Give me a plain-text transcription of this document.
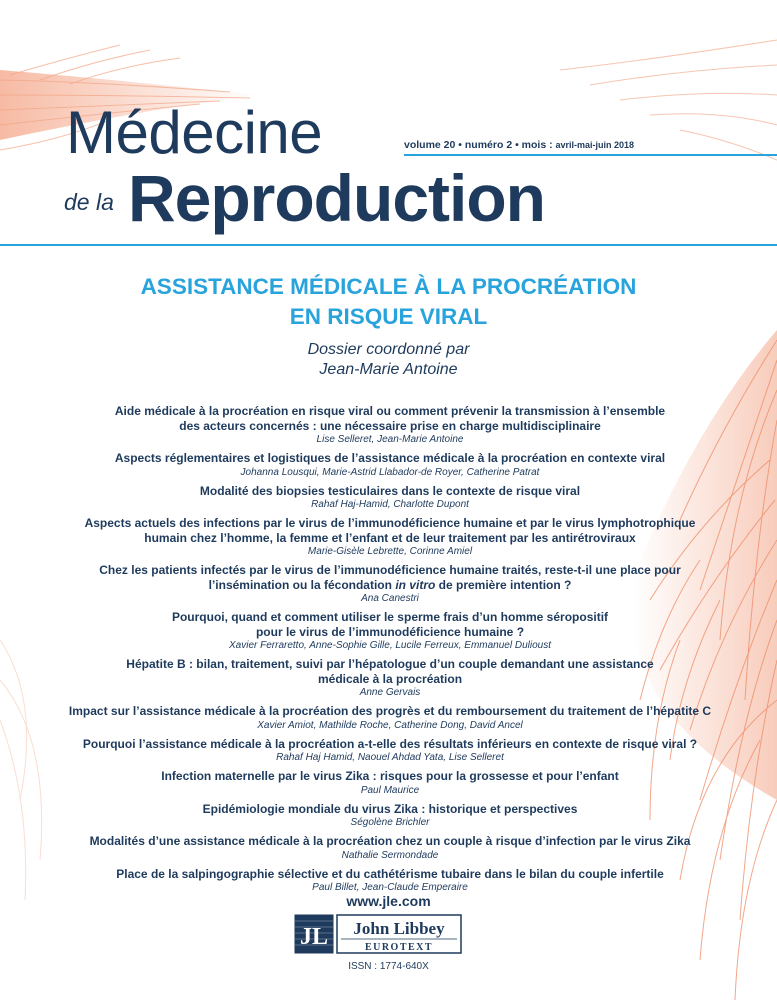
Médecine	volume 20 • numéro 2 • mois : avril-mai-juin 2018
de la Reproduction
ASSISTANCE MÉDICALE À LA PROCRÉATION
EN RISQUE VIRAL
Dossier coordonné par
Jean-Marie Antoine

Aide médicale à la procréation en risque viral ou comment prévenir la transmission à l’ensemble
des acteurs concernés : une nécessaire prise en charge multidisciplinaire

Lise Selleret, Jean-Marie Antoine

Aspects réglementaires et logistiques de l’assistance médicale à la procréation en contexte viral

Johanna Lousqui, Marie-Astrid Llabador-de Royer, Catherine Patrat

Modalité des biopsies testiculaires dans le contexte de risque viral

Rahaf Haj-Hamid, Charlotte Dupont

Aspects actuels des infections par le virus de l’immunodéficience humaine et par le virus lymphotrophique
humain chez l’homme, la femme et l’enfant et de leur traitement par les antirétroviraux

Marie-Gisèle Lebrette, Corinne Amiel

Chez les patients infectés par le virus de l’immunodéficience humaine traités, reste-t-il une place pour
l’insémination ou la fécondation in vitro de première intention ?

Ana Canestri

Pourquoi, quand et comment utiliser le sperme frais d’un homme séropositif
pour le virus de l’immunodéficience humaine ?

Xavier Ferraretto, Anne-Sophie Gille, Lucile Ferreux, Emmanuel Dulioust

Hépatite B : bilan, traitement, suivi par l’hépatologue d’un couple demandant une assistance
médicale à la procréation

Anne Gervais

Impact sur l’assistance médicale à la procréation des progrès et du remboursement du traitement de l’hépatite C

Xavier Amiot, Mathilde Roche, Catherine Dong, David Ancel

Pourquoi l’assistance médicale à la procréation a-t-elle des résultats inférieurs en contexte de risque viral ?

Rahaf Haj Hamid, Naouel Ahdad Yata, Lise Selleret

Infection maternelle par le virus Zika : risques pour la grossesse et pour l’enfant

Paul Maurice

Epidémiologie mondiale du virus Zika : historique et perspectives

Ségolène Brichler

Modalités d’une assistance médicale à la procréation chez un couple à risque d’infection par le virus Zika

Nathalie Sermondade

Place de la salpingographie sélective et du cathétérisme tubaire dans le bilan du couple infertile

Paul Billet, Jean-Claude Emperaire

www.jle.com
JL John Libbey
EUROTEXT
ISSN : 1774-640X
